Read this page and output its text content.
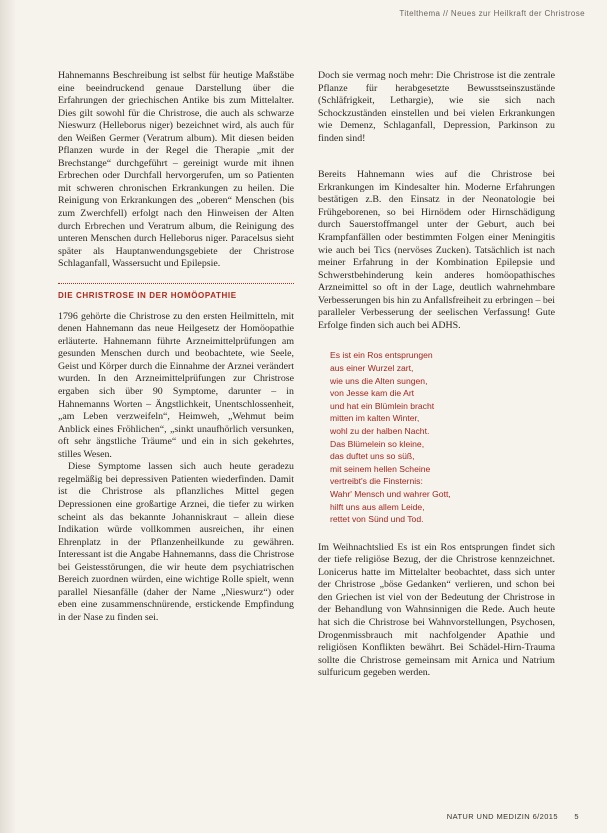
Titelthema // Neues zur Heilkraft der Christrose

Hahnemanns Beschreibung ist selbst für heutige Maßstäbe eine beeindruckend genaue Darstellung über die Erfahrungen der griechischen Antike bis zum Mittelalter. Dies gilt sowohl für die Christrose, die auch als schwarze Nieswurz (Helleborus niger) bezeichnet wird, als auch für den Weißen Germer (Veratrum album). Mit diesen beiden Pflanzen wurde in der Regel die Therapie „mit der Brechstange“ durchgeführt – gereinigt wurde mit ihnen Erbrechen oder Durchfall hervorgerufen, um so Patienten mit schweren chronischen Erkrankungen zu heilen. Die Reinigung von Erkrankungen des „oberen“ Menschen (bis zum Zwerchfell) erfolgt nach den Hinweisen der Alten durch Erbrechen und Veratrum album, die Reinigung des unteren Menschen durch Helleborus niger. Paracelsus sieht später als Hauptanwendungsgebiete der Christrose Schlaganfall, Wassersucht und Epilepsie.

DIE CHRISTROSE IN DER HOMÖOPATHIE

1796 gehörte die Christrose zu den ersten Heilmitteln, mit denen Hahnemann das neue Heilgesetz der Homöopathie erläuterte. Hahnemann führte Arzneimittelprüfungen am gesunden Menschen durch und beobachtete, wie Seele, Geist und Körper durch die Einnahme der Arznei verändert wurden. In den Arzneimittelprüfungen zur Christrose ergaben sich über 90 Symptome, darunter – in Hahnemanns Worten – Ängstlichkeit, Unentschlossenheit, „am Leben verzweifeln“, Heimweh, „Wehmut beim Anblick eines Fröhlichen“, „sinkt unaufhörlich versunken, oft sehr ängstliche Träume“ und ein in sich gekehrtes, stilles Wesen.

Diese Symptome lassen sich auch heute geradezu regelmäßig bei depressiven Patienten wiederfinden. Damit ist die Christrose als pflanzliches Mittel gegen Depressionen eine großartige Arznei, die tiefer zu wirken scheint als das bekannte Johanniskraut – allein diese Indikation würde vollkommen ausreichen, ihr einen Ehrenplatz in der Pflanzenheilkunde zu gewähren. Interessant ist die Angabe Hahnemanns, dass die Christrose bei Geistesstörungen, die wir heute dem psychiatrischen Bereich zuordnen würden, eine wichtige Rolle spielt, wenn parallel Niesanfälle (daher der Name „Nieswurz“) oder eben eine zusammenschnürende, erstickende Empfindung in der Nase zu finden sei.

Doch sie vermag noch mehr: Die Christrose ist die zentrale Pflanze für herabgesetzte Bewusstseinszustände (Schläfrigkeit, Lethargie), wie sie sich nach Schockzuständen einstellen und bei vielen Erkrankungen wie Demenz, Schlaganfall, Depression, Parkinson zu finden sind!

Bereits Hahnemann wies auf die Christrose bei Erkrankungen im Kindesalter hin. Moderne Erfahrungen bestätigen z.B. den Einsatz in der Neonatologie bei Frühgeborenen, so bei Hirnödem oder Hirnschädigung durch Sauerstoffmangel unter der Geburt, auch bei Krampfanfällen oder bestimmten Folgen einer Meningitis wie auch bei Tics (nervöses Zucken). Tatsächlich ist nach meiner Erfahrung in der Kombination Epilepsie und Schwerstbehinderung kein anderes homöopathisches Arzneimittel so oft in der Lage, deutlich wahrnehmbare Verbesserungen bis hin zu Anfallsfreiheit zu erbringen – bei paralleler Verbesserung der seelischen Verfassung! Gute Erfolge finden sich auch bei ADHS.

Es ist ein Ros entsprungen
aus einer Wurzel zart,
wie uns die Alten sungen,
von Jesse kam die Art
und hat ein Blümlein bracht
mitten im kalten Winter,
wohl zu der halben Nacht.
Das Blümelein so kleine,
das duftet uns so süß,
mit seinem hellen Scheine
vertreibt's die Finsternis:
Wahr' Mensch und wahrer Gott,
hilft uns aus allem Leide,
rettet von Sünd und Tod.

Im Weihnachtslied Es ist ein Ros entsprungen findet sich der tiefe religiöse Bezug, der die Christrose kennzeichnet. Lonicerus hatte im Mittelalter beobachtet, dass sich unter der Christrose „böse Gedanken“ verlieren, und schon bei den Griechen ist viel von der Bedeutung der Christrose in der Behandlung von Wahnsinnigen die Rede. Auch heute hat sich die Christrose bei Wahnvorstellungen, Psychosen, Drogenmissbrauch mit nachfolgender Apathie und religiösen Konflikten bewährt. Bei Schädel-Hirn-Trauma sollte die Christrose gemeinsam mit Arnica und Natrium sulfuricum gegeben werden.

NATUR UND MEDIZIN 6/2015 5
